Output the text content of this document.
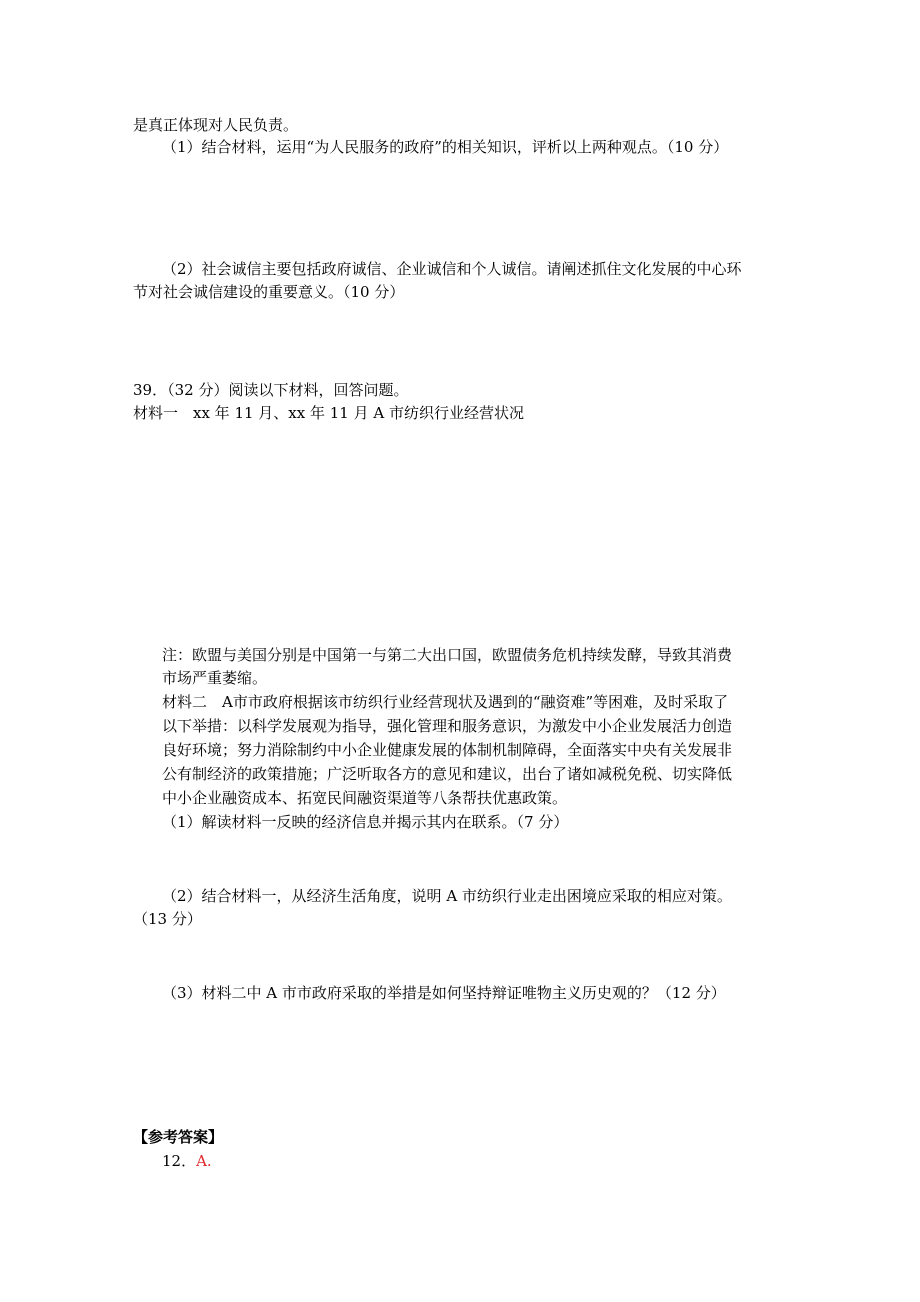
是真正体现对人民负责。
（1）结合材料，运用“为人民服务的政府”的相关知识，评析以上两种观点。（10 分）
（2）社会诚信主要包括政府诚信、企业诚信和个人诚信。请阐述抓住文化发展的中心环
节对社会诚信建设的重要意义。（10 分）
39．（32 分）阅读以下材料，回答问题。
材料一　xx 年 11 月、xx 年 11 月 A 市纺织行业经营状况
注：欧盟与美国分别是中国第一与第二大出口国，欧盟债务危机持续发酵，导致其消费
市场严重萎缩。
材料二　A市市政府根据该市纺织行业经营现状及遇到的“融资难”等困难，及时采取了
以下举措：以科学发展观为指导，强化管理和服务意识，为激发中小企业发展活力创造
良好环境；努力消除制约中小企业健康发展的体制机制障碍，全面落实中央有关发展非
公有制经济的政策措施；广泛听取各方的意见和建议，出台了诸如减税免税、切实降低
中小企业融资成本、拓宽民间融资渠道等八条帮扶优惠政策。
（1）解读材料一反映的经济信息并揭示其内在联系。（7 分）
（2）结合材料一，从经济生活角度，说明 A 市纺织行业走出困境应采取的相应对策。
（13 分）
（3）材料二中 A 市市政府采取的举措是如何坚持辩证唯物主义历史观的？（12 分）
【参考答案】
12．A.
